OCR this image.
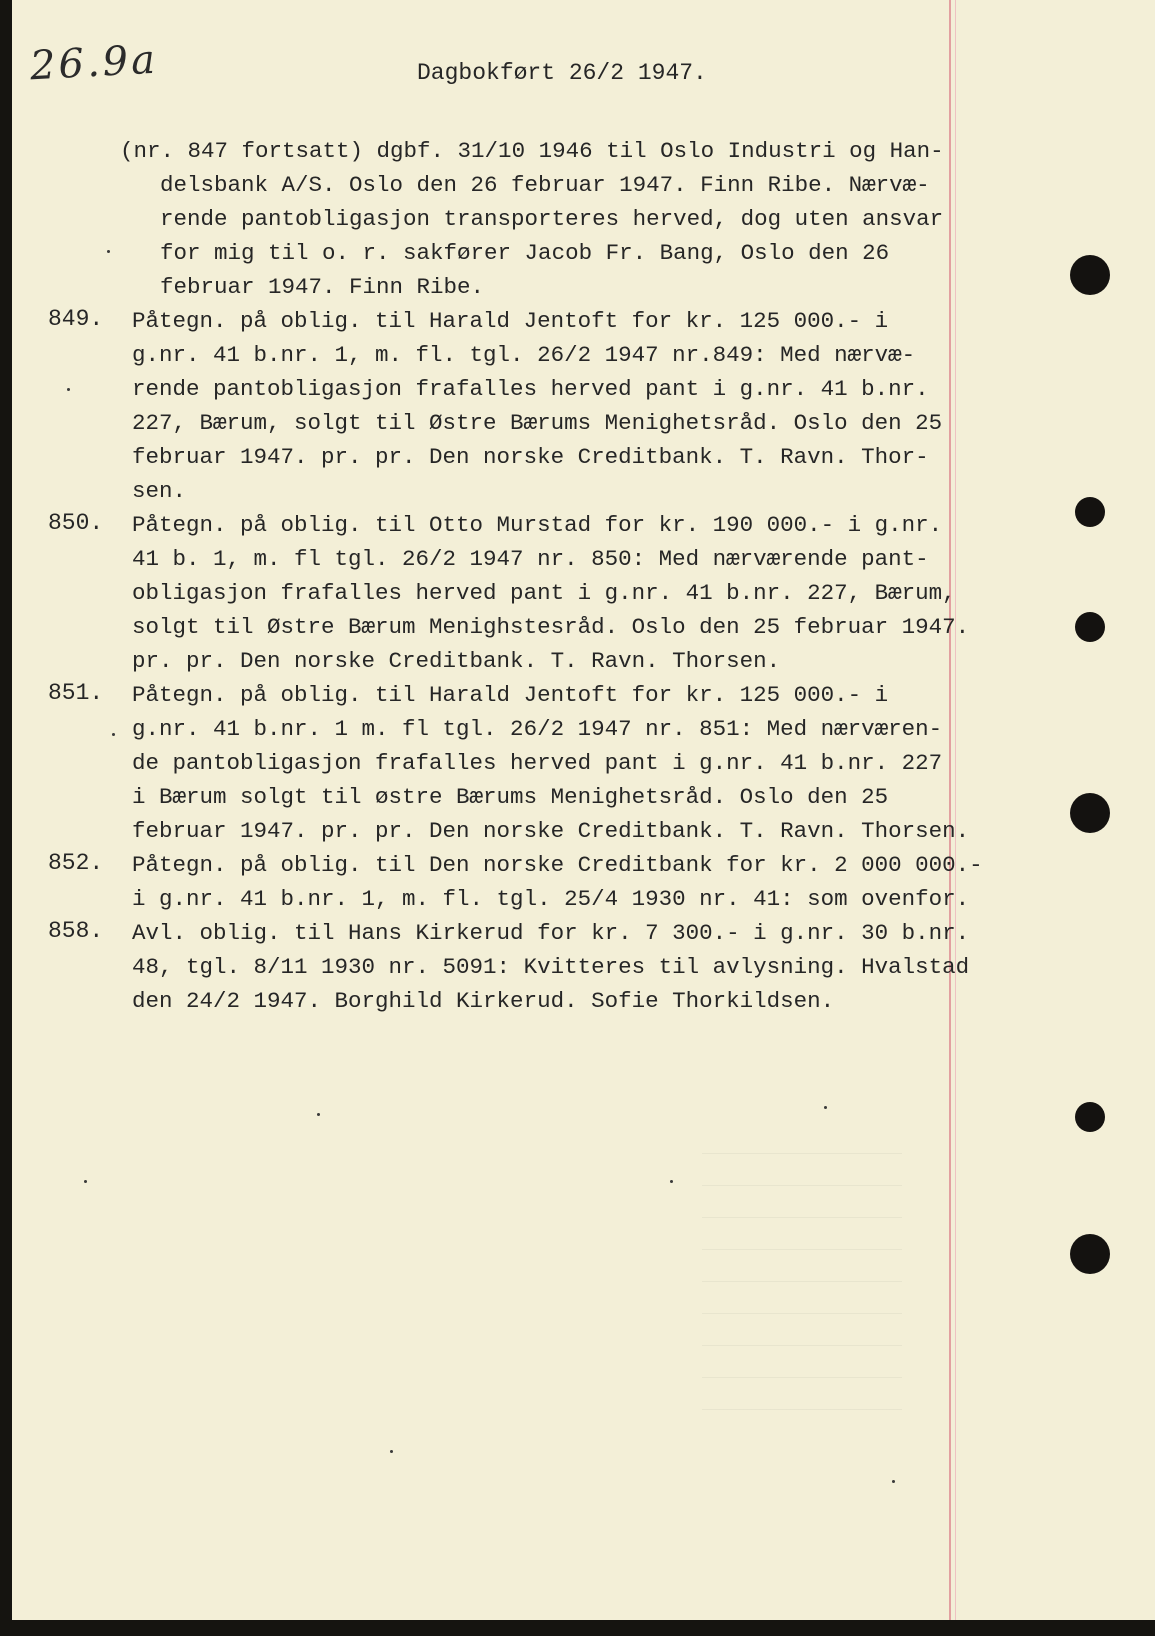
26.9a	Dagbokført 26/2 1947.
(nr. 847 fortsatt) dgbf. 31/10 1946 til Oslo Industri og Han-
delsbank A/S. Oslo den 26 februar 1947. Finn Ribe. Nærvæ-
rende pantobligasjon transporteres herved, dog uten ansvar
for mig til o. r. sakfører Jacob Fr. Bang, Oslo den 26
februar 1947. Finn Ribe.
849. Påtegn. på oblig. til Harald Jentoft for kr. 125 000.- i
g.nr. 41 b.nr. 1, m. fl. tgl. 26/2 1947 nr.849: Med nærvæ-
rende pantobligasjon frafalles herved pant i g.nr. 41 b.nr.
227, Bærum, solgt til Østre Bærums Menighetsråd. Oslo den 25
februar 1947. pr. pr. Den norske Creditbank. T. Ravn. Thor-
sen.
850. Påtegn. på oblig. til Otto Murstad for kr. 190 000.- i g.nr.
41 b. 1, m. fl tgl. 26/2 1947 nr. 850: Med nærværende pant-
obligasjon frafalles herved pant i g.nr. 41 b.nr. 227, Bærum,
solgt til Østre Bærum Menighstesråd. Oslo den 25 februar 1947.
pr. pr. Den norske Creditbank. T. Ravn. Thorsen.
851. Påtegn. på oblig. til Harald Jentoft for kr. 125 000.- i
g.nr. 41 b.nr. 1 m. fl tgl. 26/2 1947 nr. 851: Med nærværen-
de pantobligasjon frafalles herved pant i g.nr. 41 b.nr. 227
i Bærum solgt til østre Bærums Menighetsråd. Oslo den 25
februar 1947. pr. pr. Den norske Creditbank. T. Ravn. Thorsen.
852. Påtegn. på oblig. til Den norske Creditbank for kr. 2 000 000.-
i g.nr. 41 b.nr. 1, m. fl. tgl. 25/4 1930 nr. 41: som ovenfor.
858. Avl. oblig. til Hans Kirkerud for kr. 7 300.- i g.nr. 30 b.nr.
48, tgl. 8/11 1930 nr. 5091: Kvitteres til avlysning. Hvalstad
den 24/2 1947. Borghild Kirkerud. Sofie Thorkildsen.
